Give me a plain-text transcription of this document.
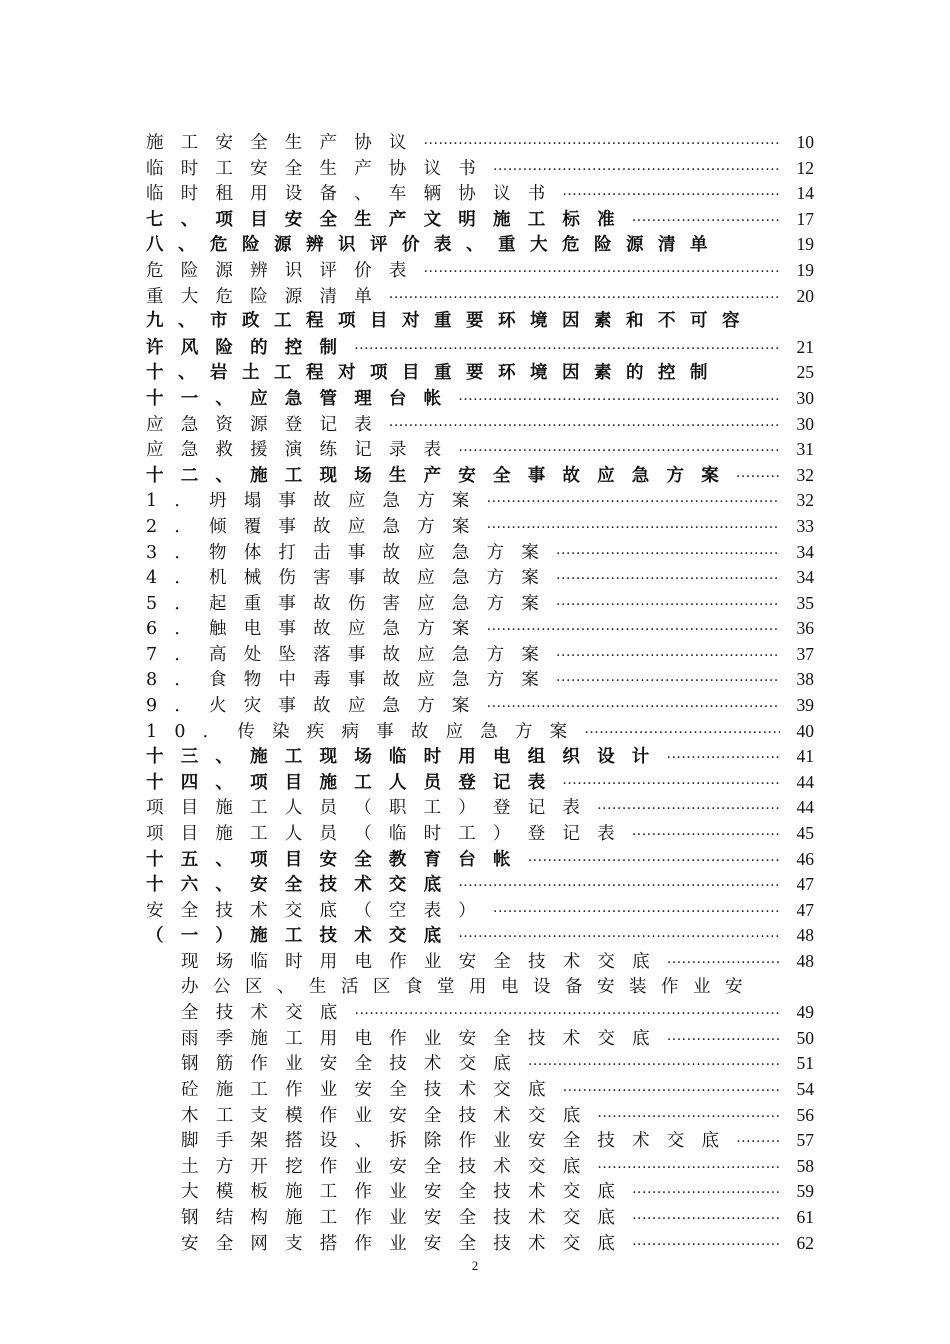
施工安全生产协议 ·····	10
临时工安全生产协议书 ·····	12
临时租用设备、车辆协议书 ·····	14
七、项目安全生产文明施工标准 ·····	17
八、危险源辨识评价表、重大危险源清单	19
危险源辨识评价表 ·····	19
重大危险源清单 ·····	20
九、市政工程项目对重要环境因素和不可容
许风险的控制 ·····	21
十、岩土工程对项目重要环境因素的控制	25
十一、应急管理台帐 ·····	30
应急资源登记表 ·····	30
应急救援演练记录表 ·····	31
十二、施工现场生产安全事故应急方案 ·····	32
1．坍塌事故应急方案 ·····	32
2．倾覆事故应急方案 ·····	33
3．物体打击事故应急方案 ·····	34
4．机械伤害事故应急方案 ·····	34
5．起重事故伤害应急方案 ·····	35
6．触电事故应急方案 ·····	36
7．高处坠落事故应急方案 ·····	37
8．食物中毒事故应急方案 ·····	38
9．火灾事故应急方案 ·····	39
10．传染疾病事故应急方案 ·····	40
十三、施工现场临时用电组织设计 ·····	41
十四、项目施工人员登记表 ·····	44
项目施工人员（职工）登记表 ·····	44
项目施工人员（临时工）登记表 ·····	45
十五、项目安全教育台帐 ·····	46
十六、安全技术交底 ·····	47
安全技术交底（空表） ·····	47
（一）施工技术交底 ·····	48
现场临时用电作业安全技术交底 ·····	48
办公区、生活区食堂用电设备安装作业安
全技术交底 ·····	49
雨季施工用电作业安全技术交底 ·····	50
钢筋作业安全技术交底 ·····	51
砼施工作业安全技术交底 ·····	54
木工支模作业安全技术交底 ·····	56
脚手架搭设、拆除作业安全技术交底 ·····	57
土方开挖作业安全技术交底 ·····	58
大模板施工作业安全技术交底 ·····	59
钢结构施工作业安全技术交底 ·····	61
安全网支搭作业安全技术交底 ·····	62
2
